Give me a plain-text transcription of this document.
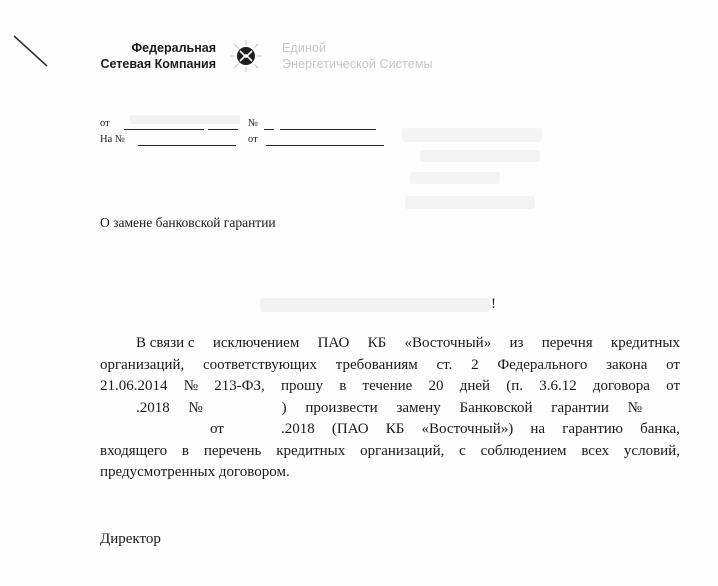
Федеральная
Сетевая Компания
Единой
Энергетической Системы
от	№
На №	от
О замене банковской гарантии
!
В связи с исключением ПАО КБ «Восточный» из перечня кредитных
организаций, соответствующих требованиям ст. 2 Федерального закона от
21.06.2014 № 213-ФЗ, прошу в течение 20 дней (п. 3.6.12 договора от
.2018 №	) произвести замену Банковской гарантии №
от	.2018 (ПАО КБ «Восточный») на гарантию банка,
входящего в перечень кредитных организаций, с соблюдением всех условий,
предусмотренных договором.
Директор
